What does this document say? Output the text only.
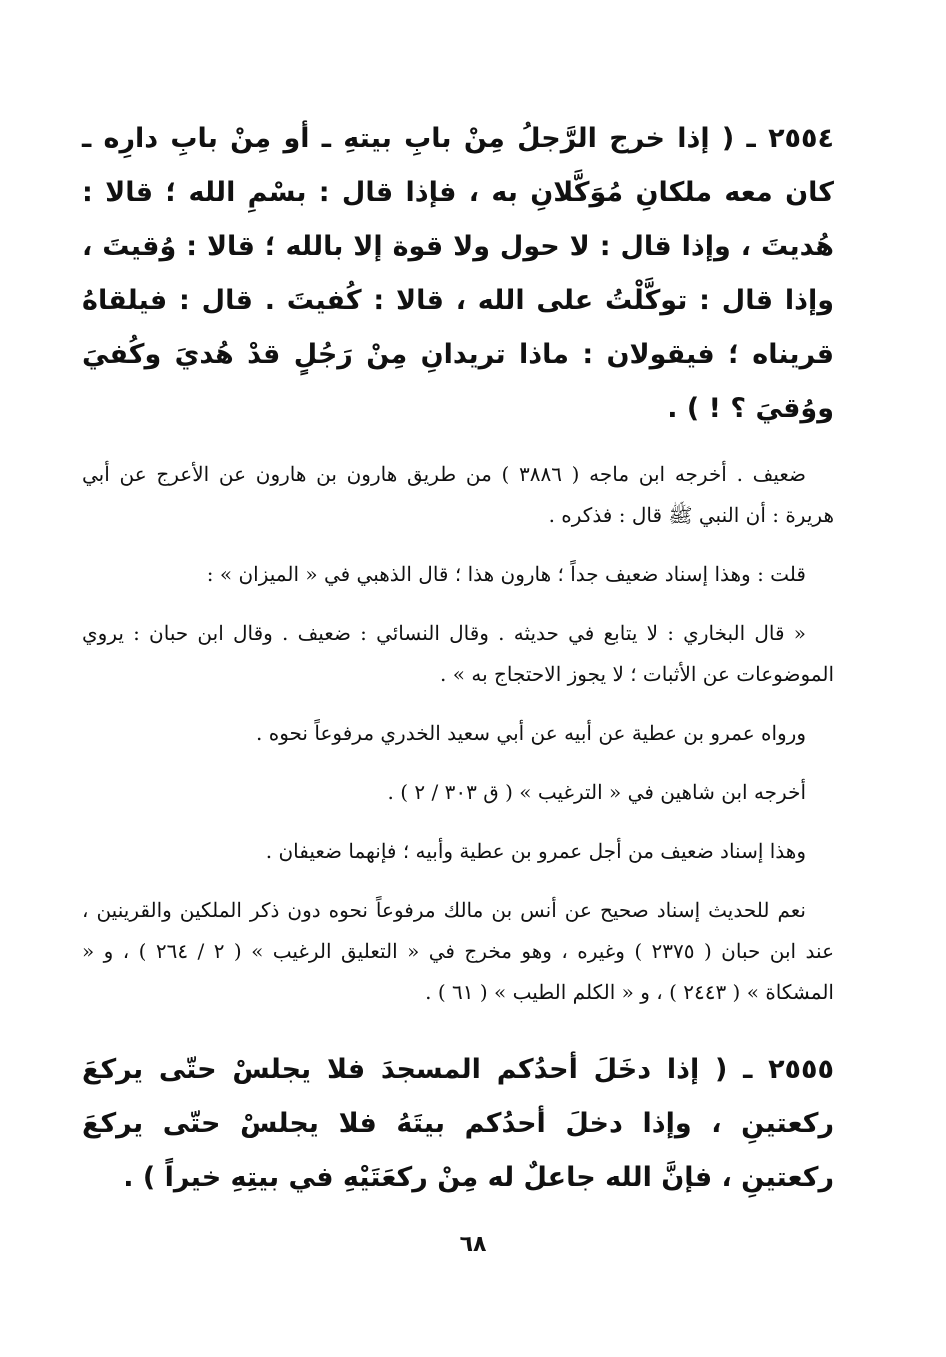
٢٥٥٤ ـ ( إذا خرج الرَّجلُ مِنْ بابِ بيتهِ ـ أو مِنْ بابِ دارِه ـ كان معه ملكانِ مُوَكَّلانِ به ، فإذا قال : بسْمِ الله ؛ قالا : هُديتَ ، وإذا قال : لا حول ولا قوة إلا بالله ؛ قالا : وُقيتَ ، وإذا قال : توكَّلْتُ على الله ، قالا : كُفيتَ . قال : فيلقاهُ قريناه ؛ فيقولان : ماذا تريدانِ مِنْ رَجُلٍ قدْ هُديَ وكُفيَ ووُقيَ ؟ ! ) .

ضعيف . أخرجه ابن ماجه ( ٣٨٨٦ ) من طريق هارون بن هارون عن الأعرج عن أبي هريرة : أن النبي ﷺ قال : فذكره .

قلت : وهذا إسناد ضعيف جداً ؛ هارون هذا ؛ قال الذهبي في « الميزان » :

« قال البخاري : لا يتابع في حديثه . وقال النسائي : ضعيف . وقال ابن حبان : يروي الموضوعات عن الأثبات ؛ لا يجوز الاحتجاج به » .

ورواه عمرو بن عطية عن أبيه عن أبي سعيد الخدري مرفوعاً نحوه .

أخرجه ابن شاهين في « الترغيب » ( ق ٣٠٣ / ٢ ) .

وهذا إسناد ضعيف من أجل عمرو بن عطية وأبيه ؛ فإنهما ضعيفان .

نعم للحديث إسناد صحيح عن أنس بن مالك مرفوعاً نحوه دون ذكر الملكين والقرينين ، عند ابن حبان ( ٢٣٧٥ ) وغيره ، وهو مخرج في « التعليق الرغيب » ( ٢ / ٢٦٤ ) ، و « المشكاة » ( ٢٤٤٣ ) ، و « الكلم الطيب » ( ٦١ ) .

٢٥٥٥ ـ ( إذا دخَلَ أحدُكم المسجدَ فلا يجلسْ حتّى يركعَ ركعتينِ ، وإذا دخلَ أحدُكم بيتَهُ فلا يجلسْ حتّى يركعَ ركعتينِ ، فإنَّ الله جاعلٌ له مِنْ ركعَتَيْهِ في بيتِهِ خيراً ) .

٦٨
